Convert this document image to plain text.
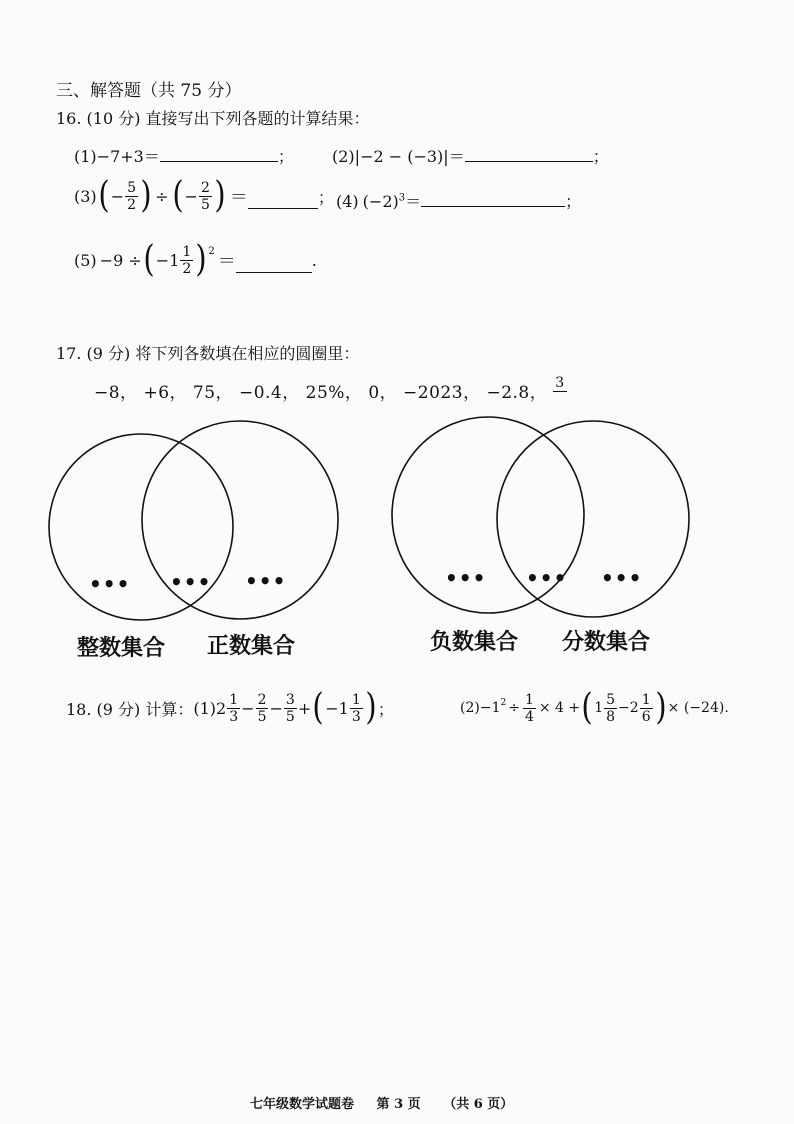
三、解答题（共 75 分）
16. (10 分) 直接写出下列各题的计算结果：
(1)−7+3＝	； (2)|−2 − (−3)|＝	；
(3) ( − $\frac{5}{2}$ ) ÷ ( − $\frac{2}{5}$ ) ＝	； (4) $(-2)^3=$	；
(5) −9 ÷ ( $-1 \frac{1}{2}$ ) 2 ＝	.
17. (9 分) 将下列各数填在相应的圆圈里：
−8， +6， 75， −0.4， 25%， 0， −2023， −2.8， 3
••• ••• •••	••• ••• •••
整数集合 正数集合	负数集合 分数集合
18. (9 分) 计算： (1) $2 \frac{1}{3} - \frac{2}{5} - \frac{3}{5}$ + ( $-1 \frac{1}{3}$ ) ；	(2) −1 $2 \div \frac{1}{4} \times 4$ + ( $1 \frac{5}{8} - 2 \frac{1}{6}$ ) × (−24).
七年级数学试题卷 第 3 页 （共 6 页）
